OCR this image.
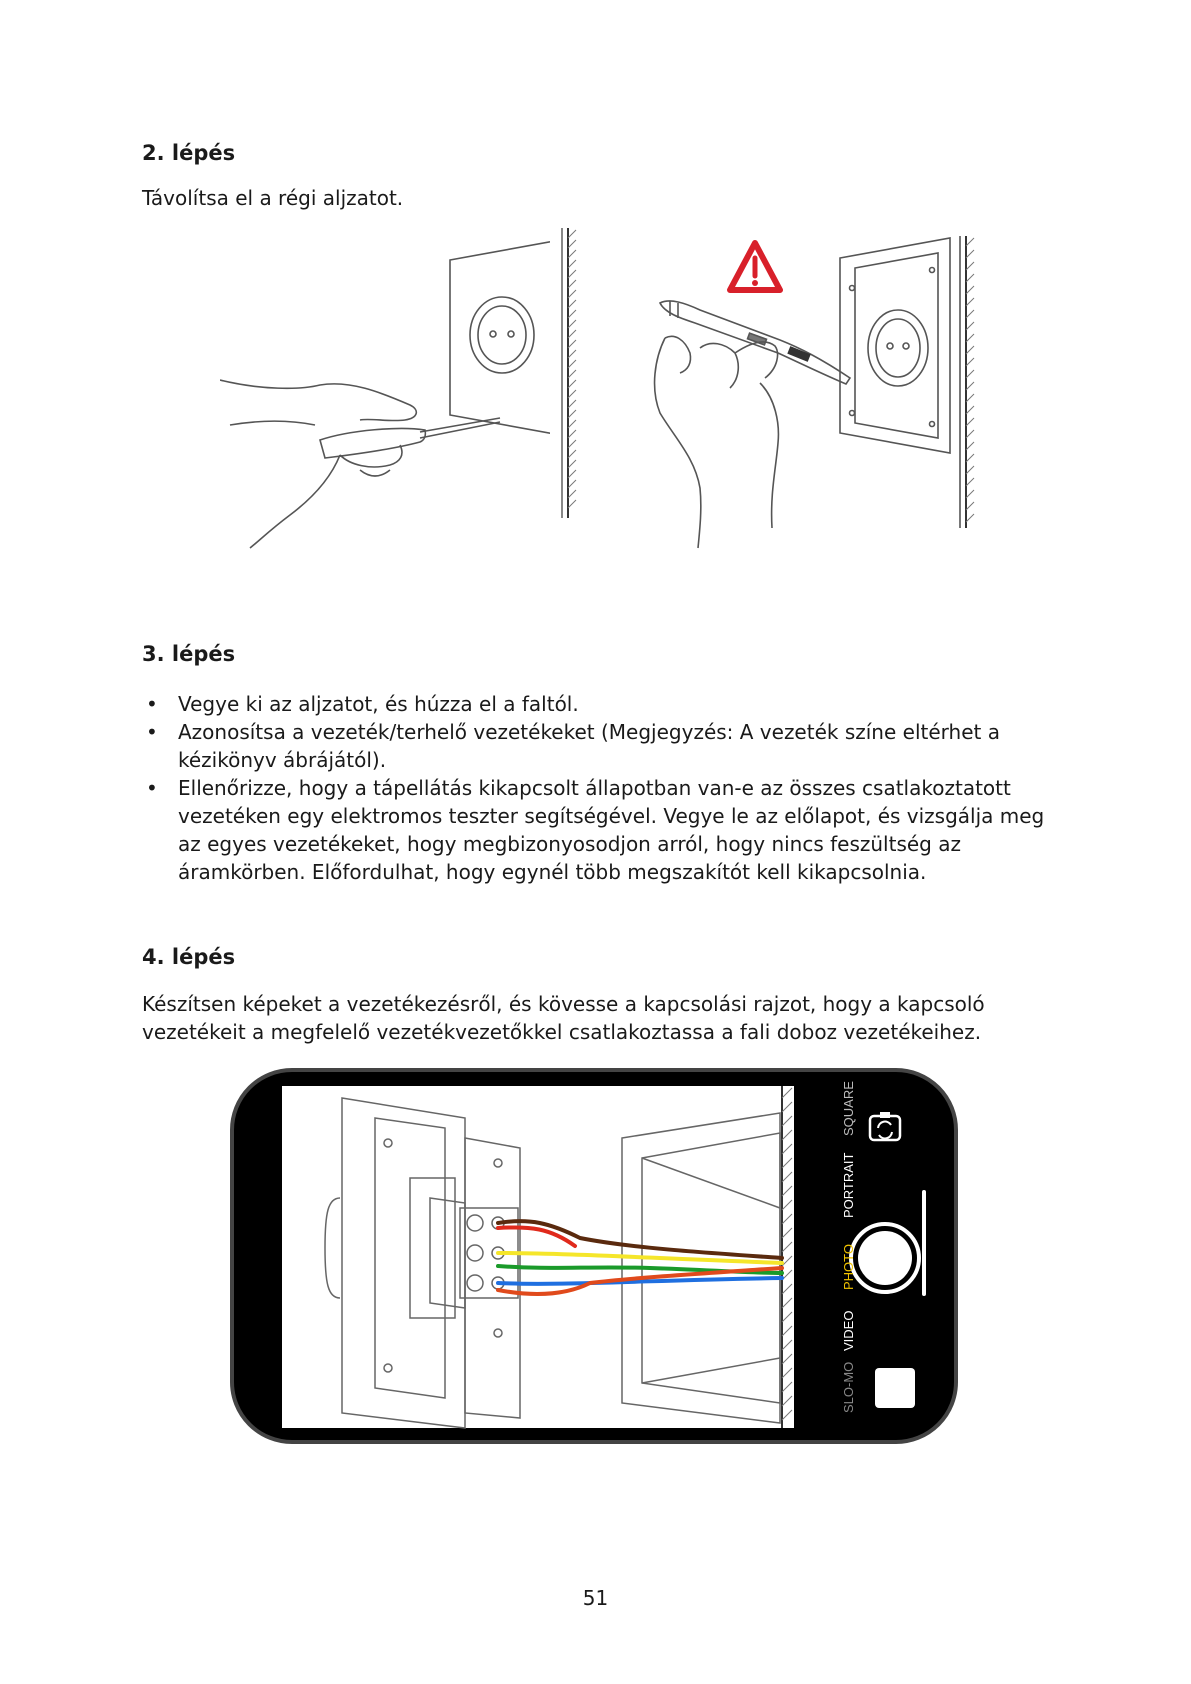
2. lépés

Távolítsa el a régi aljzatot.

3. lépés
• Vegye ki az aljzatot, és húzza el a faltól.
• Azonosítsa a vezeték/terhelő vezetékeket (Megjegyzés: A vezeték színe eltérhet a kézikönyv ábrájától).
• Ellenőrizze, hogy a tápellátás kikapcsolt állapotban van-e az összes csatlakoztatott vezetéken egy elektromos teszter segítségével. Vegye le az előlapot, és vizsgálja meg az egyes vezetékeket, hogy megbizonyosodjon arról, hogy nincs feszültség az áramkörben. Előfordulhat, hogy egynél több megszakítót kell kikapcsolnia.
4. lépés

Készítsen képeket a vezetékezésről, és kövesse a kapcsolási rajzot, hogy a kapcsoló vezetékeit a megfelelő vezetékvezetőkkel csatlakoztassa a fali doboz vezetékeihez.

SQUARE
PORTRAIT
PHOTO
VIDEO
SLO-MO
51
